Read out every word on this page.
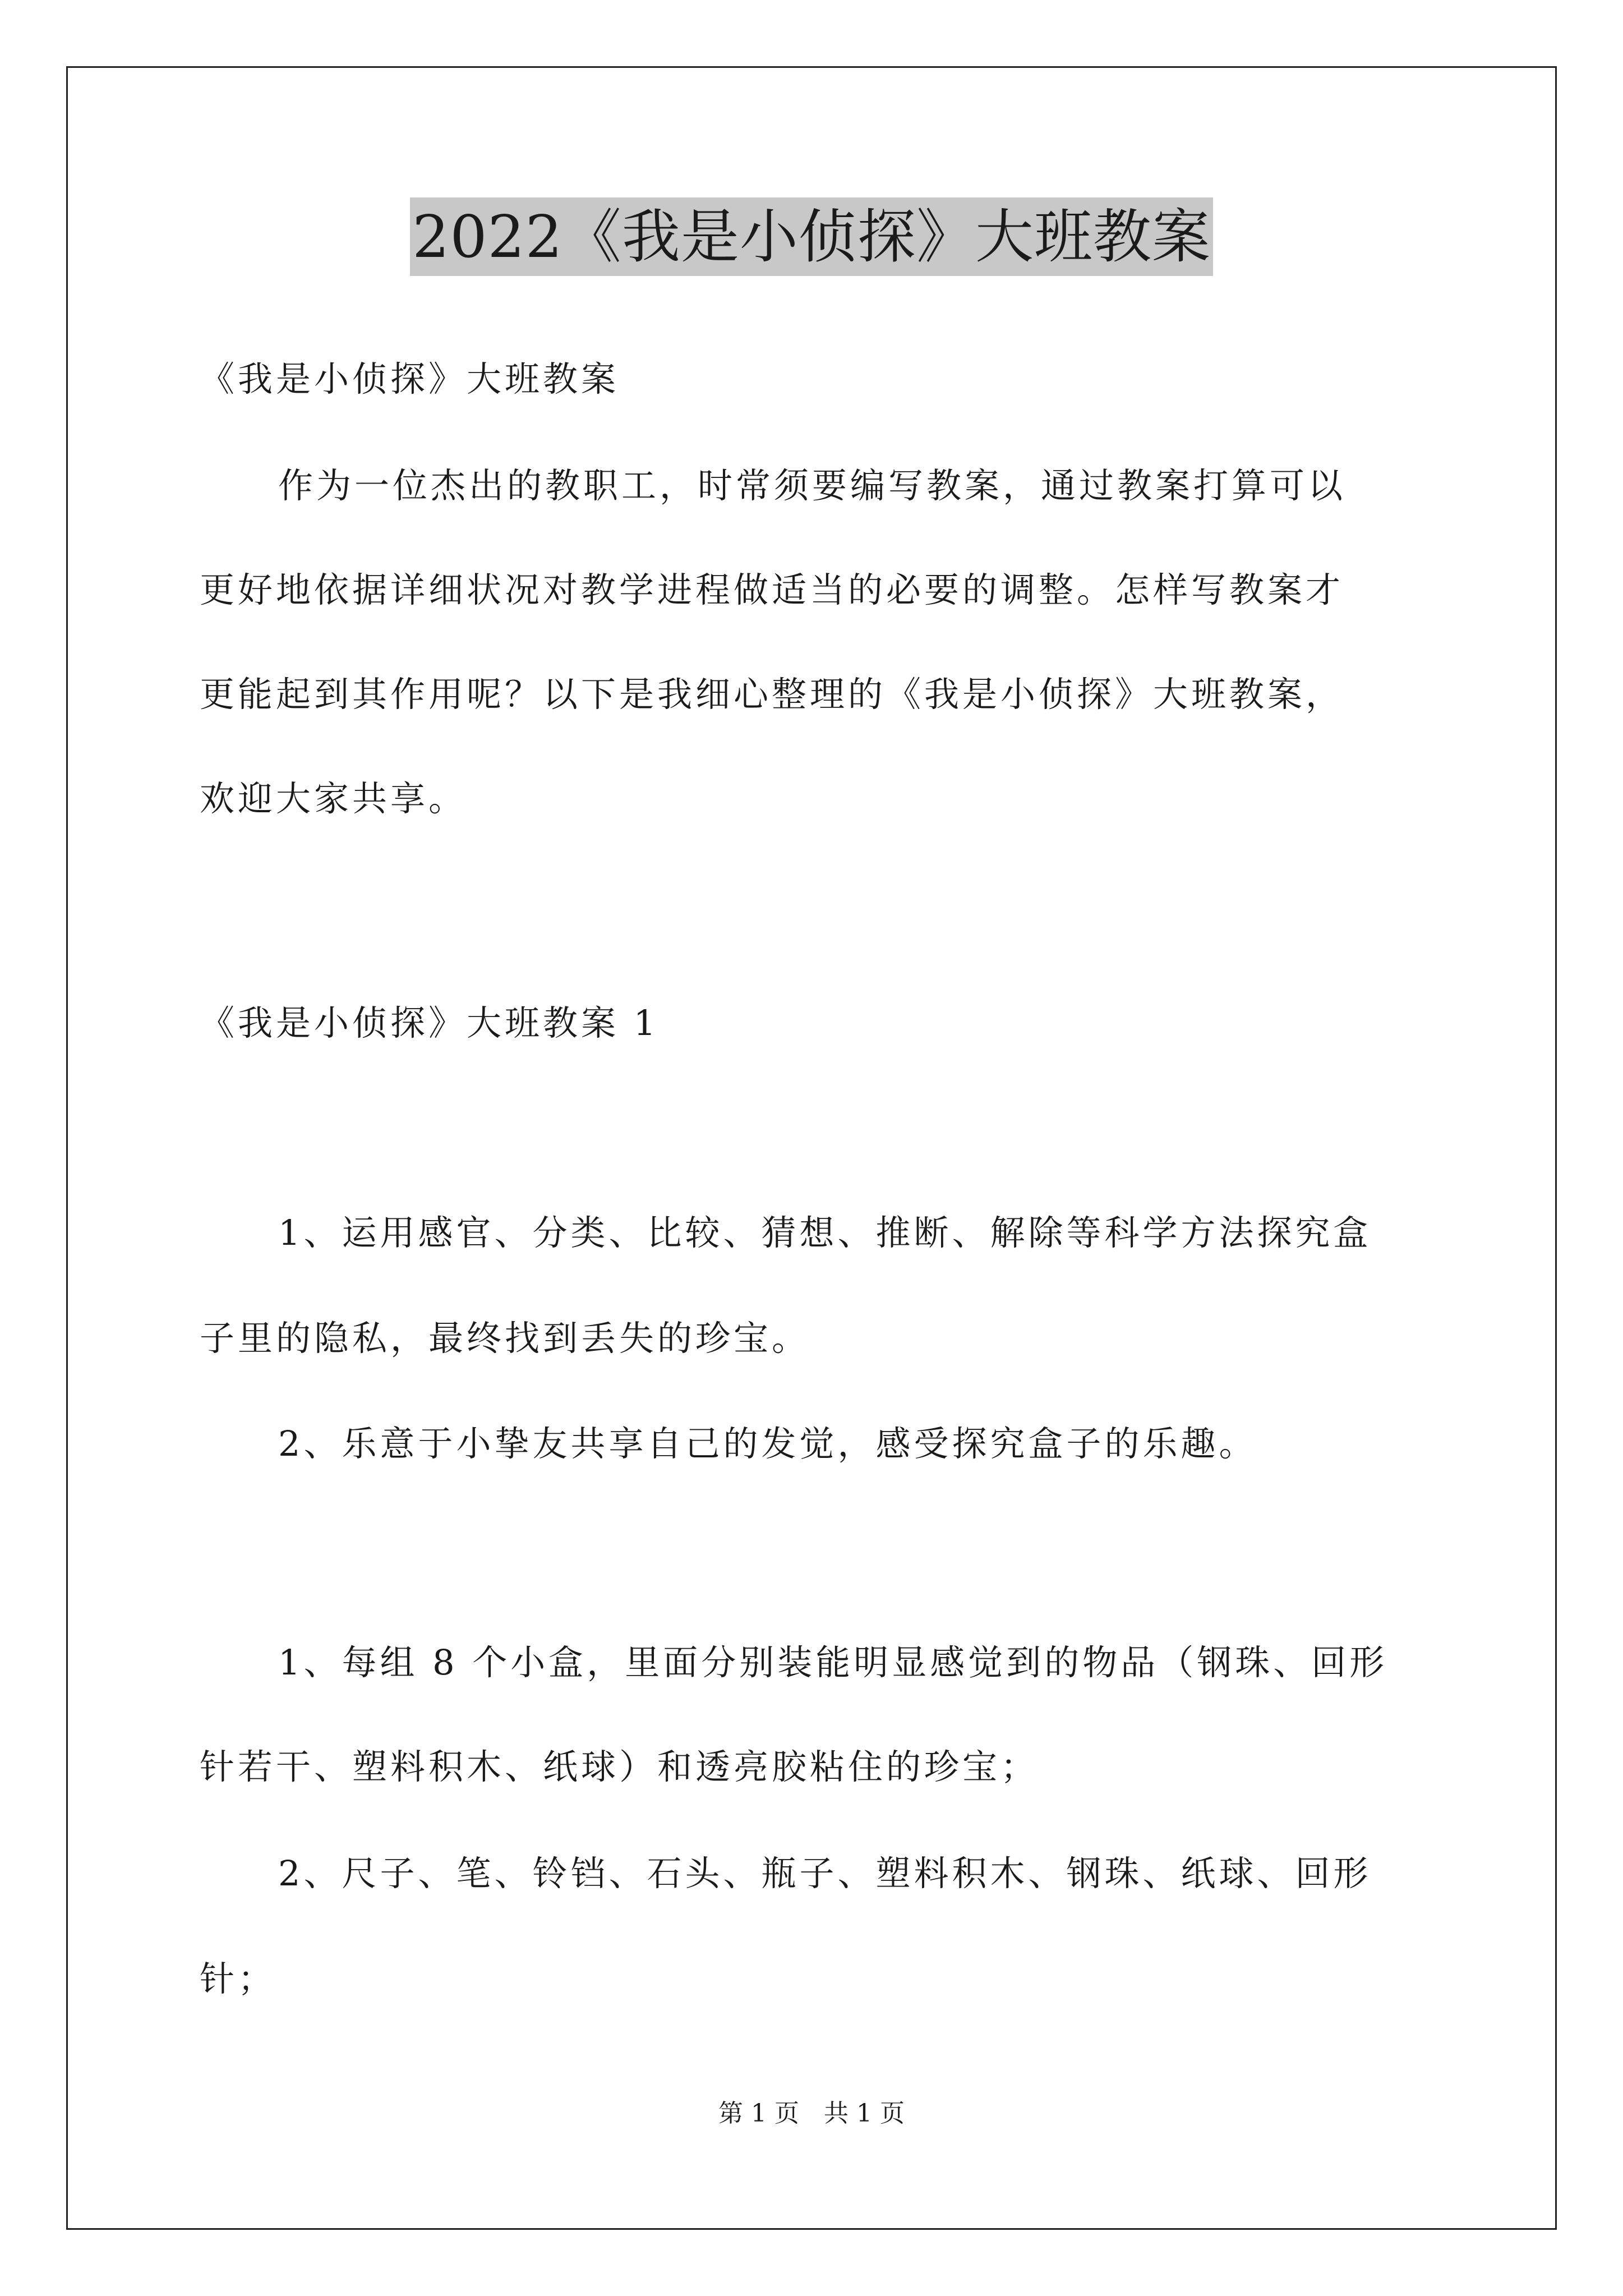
2022《我是小侦探》大班教案
《我是小侦探》大班教案
作为一位杰出的教职工，时常须要编写教案，通过教案打算可以
更好地依据详细状况对教学进程做适当的必要的调整。怎样写教案才
更能起到其作用呢？以下是我细心整理的《我是小侦探》大班教案，
欢迎大家共享。
《我是小侦探》大班教案 1
1、运用感官、分类、比较、猜想、推断、解除等科学方法探究盒
子里的隐私，最终找到丢失的珍宝。
2、乐意于小挚友共享自己的发觉，感受探究盒子的乐趣。
1、每组 8 个小盒，里面分别装能明显感觉到的物品（钢珠、回形
针若干、塑料积木、纸球）和透亮胶粘住的珍宝；
2、尺子、笔、铃铛、石头、瓶子、塑料积木、钢珠、纸球、回形
针；
第 1 页　共 1 页
